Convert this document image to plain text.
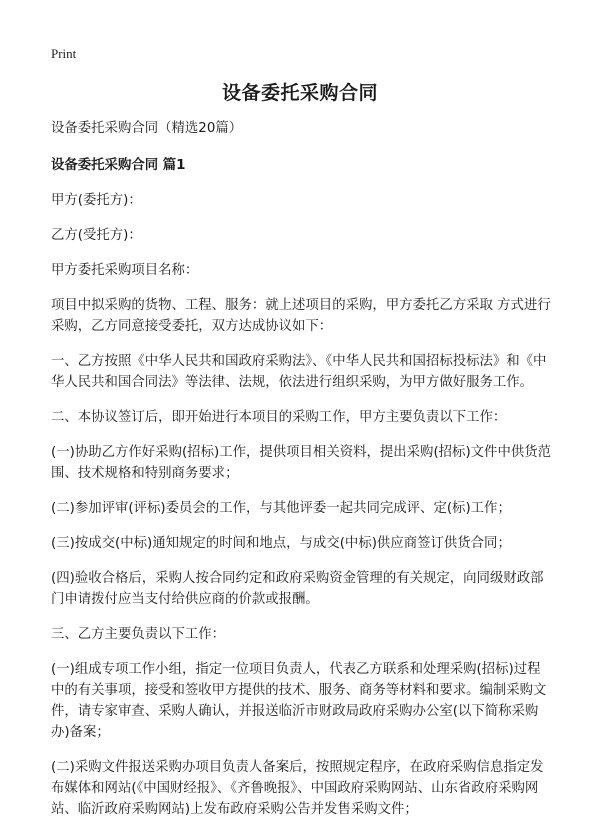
Print
设备委托采购合同

设备委托采购合同（精选20篇）

设备委托采购合同 篇1

甲方(委托方)：

乙方(受托方)：

甲方委托采购项目名称：

项目中拟采购的货物、工程、服务：就上述项目的采购，甲方委托乙方采取 方式进行采购，乙方同意接受委托，双方达成协议如下：

一、乙方按照《中华人民共和国政府采购法》、《中华人民共和国招标投标法》和《中华人民共和国合同法》等法律、法规，依法进行组织采购，为甲方做好服务工作。

二、本协议签订后，即开始进行本项目的采购工作，甲方主要负责以下工作：

(一)协助乙方作好采购(招标)工作，提供项目相关资料，提出采购(招标)文件中供货范围、技术规格和特别商务要求；

(二)参加评审(评标)委员会的工作，与其他评委一起共同完成评、定(标)工作；

(三)按成交(中标)通知规定的时间和地点，与成交(中标)供应商签订供货合同；

(四)验收合格后，采购人按合同约定和政府采购资金管理的有关规定，向同级财政部门申请拨付应当支付给供应商的价款或报酬。

三、乙方主要负责以下工作：

(一)组成专项工作小组，指定一位项目负责人，代表乙方联系和处理采购(招标)过程中的有关事项，接受和签收甲方提供的技术、服务、商务等材料和要求。编制采购文件，请专家审查、采购人确认，并报送临沂市财政局政府采购办公室(以下简称采购办)备案；

(二)采购文件报送采购办项目负责人备案后，按照规定程序，在政府采购信息指定发布媒体和网站(《中国财经报》、《齐鲁晚报》、中国政府采购网站、山东省政府采购网站、临沂政府采购网站)上发布政府采购公告并发售采购文件；
